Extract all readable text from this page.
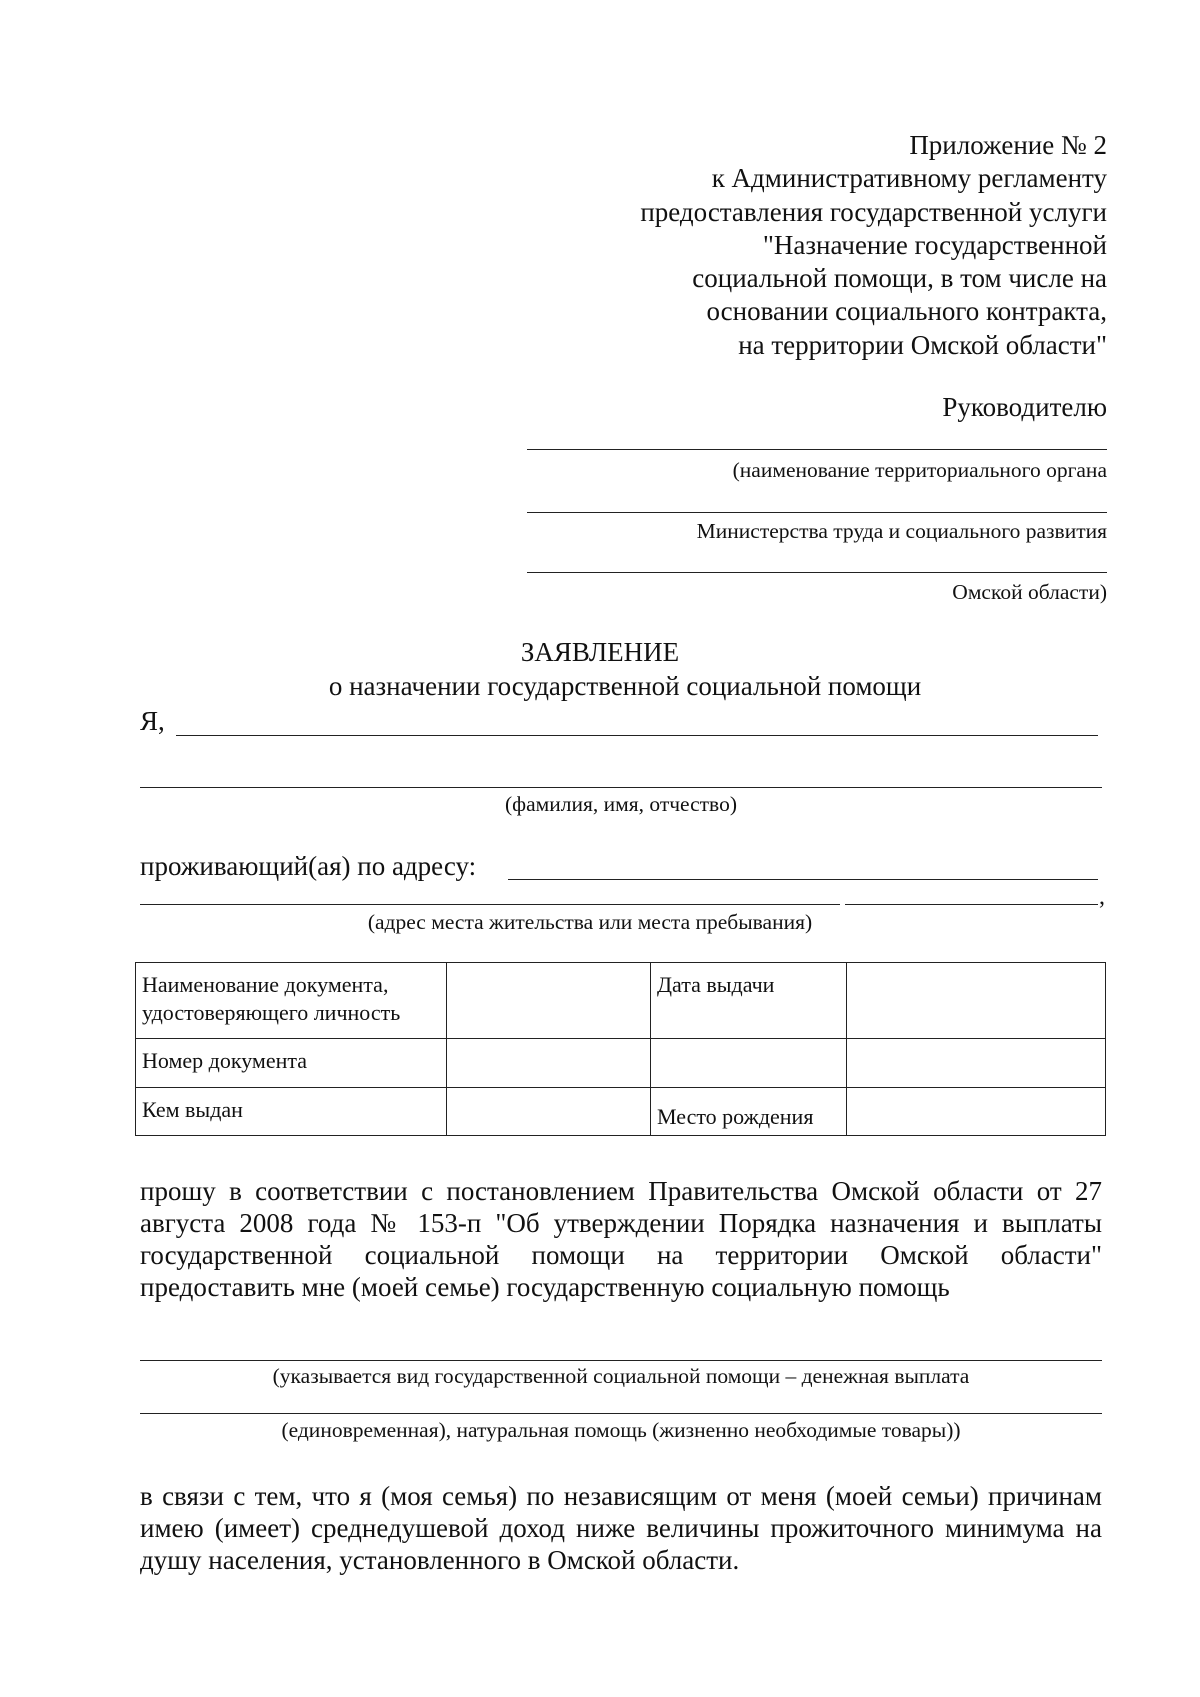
Приложение № 2
к Административному регламенту
предоставления государственной услуги
"Назначение государственной
социальной помощи, в том числе на
основании социального контракта,
на территории Омской области"
Руководителю
(наименование территориального органа
Министерства труда и социального развития
Омской области)
ЗАЯВЛЕНИЕ
о назначении государственной социальной помощи
Я,
(фамилия, имя, отчество)
проживающий(ая) по адресу:
,
(адрес места жительства или места пребывания)
Наименование документа, удостоверяющего личность		Дата выдачи	
Номер документа			
Кем выдан		Место рождения	
прошу в соответствии с постановлением Правительства Омской области от 27 августа 2008 года № 153-п "Об утверждении Порядка назначения и выплаты государственной социальной помощи на территории Омской области" предоставить мне (моей семье) государственную социальную помощь
(указывается вид государственной социальной помощи – денежная выплата
(единовременная), натуральная помощь (жизненно необходимые товары))
в связи с тем, что я (моя семья) по независящим от меня (моей семьи) причинам имею (имеет) среднедушевой доход ниже величины прожиточного минимума на душу населения, установленного в Омской области.
